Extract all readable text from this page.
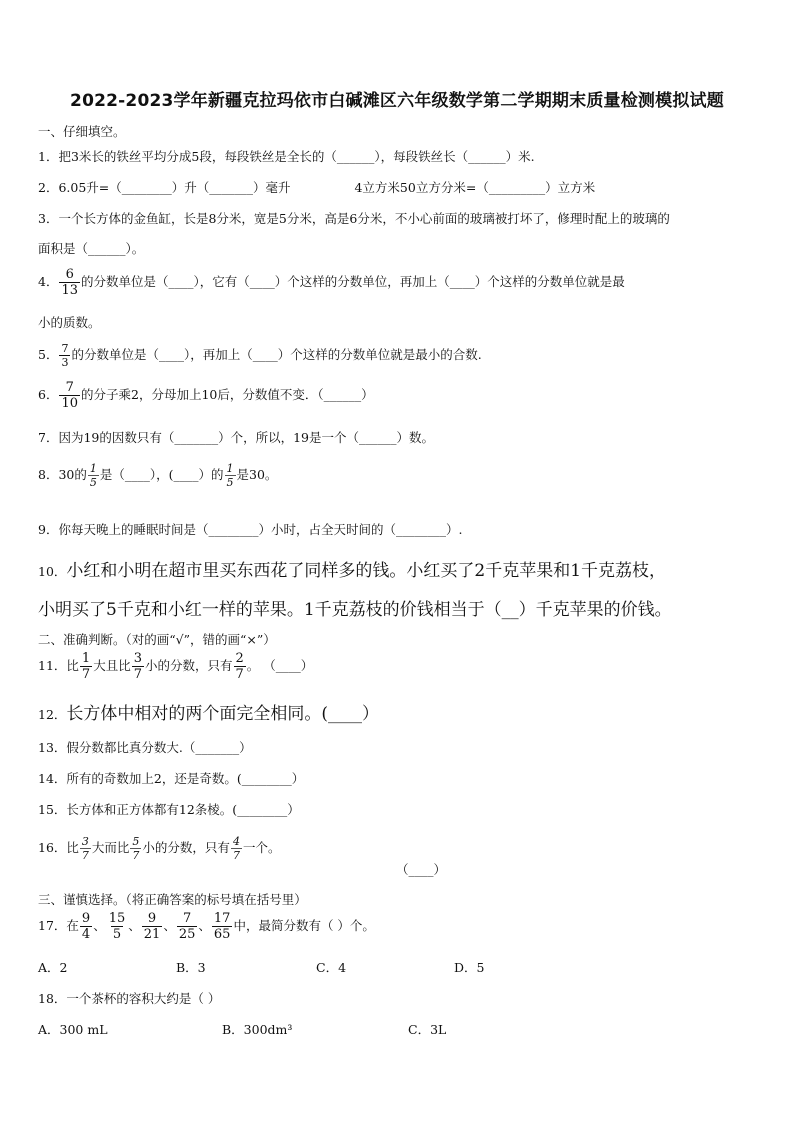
2022-2023学年新疆克拉玛依市白碱滩区六年级数学第二学期期末质量检测模拟试题
一、仔细填空。
1．把3米长的铁丝平均分成5段，每段铁丝是全长的（______），每段铁丝长（______）米.
2．6.05升=（________）升（_______）毫升	4立方米50立方分米=（_________）立方米
3．一个长方体的金鱼缸，长是8分米，宽是5分米，高是6分米，不小心前面的玻璃被打坏了，修理时配上的玻璃的
面积是（______）。
4． $\frac{6}{13}$ 的分数单位是（____），它有（____）个这样的分数单位，再加上（____）个这样的分数单位就是最
小的质数。
5． $\frac{7}{3}$ 的分数单位是（____），再加上（____）个这样的分数单位就是最小的合数.
6． $\frac{7}{10}$ 的分子乘2，分母加上10后，分数值不变．（______）
7．因为19的因数只有（_______）个，所以，19是一个（______）数。
8．30的 $\frac{1}{5}$ 是（____），(____）的 $\frac{1}{5}$ 是30。
9．你每天晚上的睡眠时间是（________）小时，占全天时间的（________）.
10．小红和小明在超市里买东西花了同样多的钱。小红买了2千克苹果和1千克荔枝，
小明买了5千克和小红一样的苹果。1千克荔枝的价钱相当于（__）千克苹果的价钱。
二、准确判断。（对的画“√”，错的画“×”）
11．比 $\frac{1}{7}$ 大且比 $\frac{3}{7}$ 小的分数，只有 $\frac{2}{7}$ 。 （____）
12．长方体中相对的两个面完全相同。(____）
13．假分数都比真分数大.（_______）
14．所有的奇数加上2，还是奇数。(________）
15．长方体和正方体都有12条棱。(________）
16．比 $\frac{3}{7}$ 大而比 $\frac{5}{7}$ 小的分数，只有 $\frac{4}{7}$ 一个。
（____）
三、谨慎选择。（将正确答案的标号填在括号里）
17．在 $\frac{9}{4}$ 、 $\frac{15}{5}$ 、 $\frac{9}{21}$ 、 $\frac{7}{25}$ 、 $\frac{17}{65}$ 中，最简分数有（ ）个。
A．2	B．3	C．4	D．5
18．一个茶杯的容积大约是（ ）
A．300 mL	B．300dm³	C．3L
